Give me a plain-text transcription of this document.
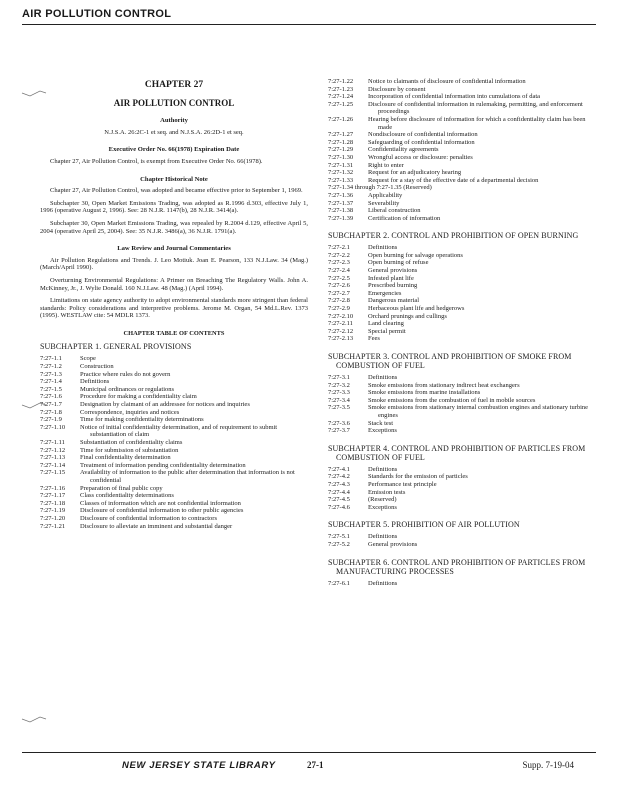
AIR POLLUTION CONTROL
CHAPTER 27
AIR POLLUTION CONTROL
Authority
N.J.S.A. 26:2C-1 et seq. and N.J.S.A. 26:2D-1 et seq.
Executive Order No. 66(1978) Expiration Date

Chapter 27, Air Pollution Control, is exempt from Executive Order No. 66(1978).

Chapter Historical Note

Chapter 27, Air Pollution Control, was adopted and became effective prior to September 1, 1969.

Subchapter 30, Open Market Emissions Trading, was adopted as R.1996 d.303, effective July 1, 1996 (operative August 2, 1996). See: 28 N.J.R. 1147(b), 28 N.J.R. 3414(a).

Subchapter 30, Open Market Emissions Trading, was repealed by R.2004 d.129, effective April 5, 2004 (operative April 25, 2004). See: 35 N.J.R. 3486(a), 36 N.J.R. 1791(a).

Law Review and Journal Commentaries

Air Pollution Regulations and Trends. J. Leo Motiuk. Joan E. Pearson, 133 N.J.Law. 34 (Mag.) (March/April 1990).

Overturning Environmental Regulations: A Primer on Breaching The Regulatory Walls. John A. McKinney, Jr., J. Wylie Donald. 160 N.J.Law. 48 (Mag.) (April 1994).

Limitations on state agency authority to adopt environmental standards more stringent than federal standards: Policy considerations and interpretive problems. Jerome M. Organ, 54 Md.L.Rev. 1373 (1995). WESTLAW cite: 54 MDLR 1373.

CHAPTER TABLE OF CONTENTS
SUBCHAPTER 1. GENERAL PROVISIONS
7:27-1.1	Scope
7:27-1.2	Construction
7:27-1.3	Practice where rules do not govern
7:27-1.4	Definitions
7:27-1.5	Municipal ordinances or regulations
7:27-1.6	Procedure for making a confidentiality claim
7:27-1.7	Designation by claimant of an addressee for notices and inquiries
7:27-1.8	Correspondence, inquiries and notices
7:27-1.9	Time for making confidentiality determinations
7:27-1.10	Notice of initial confidentiality determination, and of requirement to submit substantiation of claim
7:27-1.11	Substantiation of confidentiality claims
7:27-1.12	Time for submission of substantiation
7:27-1.13	Final confidentiality determination
7:27-1.14	Treatment of information pending confidentiality determination
7:27-1.15	Availability of information to the public after determination that information is not confidential
7:27-1.16	Preparation of final public copy
7:27-1.17	Class confidentiality determinations
7:27-1.18	Classes of information which are not confidential information
7:27-1.19	Disclosure of confidential information to other public agencies
7:27-1.20	Disclosure of confidential information to contractors
7:27-1.21	Disclosure to alleviate an imminent and substantial danger
7:27-1.22	Notice to claimants of disclosure of confidential information
7:27-1.23	Disclosure by consent
7:27-1.24	Incorporation of confidential information into cumulations of data
7:27-1.25	Disclosure of confidential information in rulemaking, permitting, and enforcement proceedings
7:27-1.26	Hearing before disclosure of information for which a confidentiality claim has been made
7:27-1.27	Nondisclosure of confidential information
7:27-1.28	Safeguarding of confidential information
7:27-1.29	Confidentiality agreements
7:27-1.30	Wrongful access or disclosure: penalties
7:27-1.31	Right to enter
7:27-1.32	Request for an adjudicatory hearing
7:27-1.33	Request for a stay of the effective date of a departmental decision
7:27-1.34 through 7:27-1.35 (Reserved)
7:27-1.36	Applicability
7:27-1.37	Severability
7:27-1.38	Liberal construction
7:27-1.39	Certification of information
SUBCHAPTER 2. CONTROL AND PROHIBITION OF OPEN BURNING
7:27-2.1	Definitions
7:27-2.2	Open burning for salvage operations
7:27-2.3	Open burning of refuse
7:27-2.4	General provisions
7:27-2.5	Infested plant life
7:27-2.6	Prescribed burning
7:27-2.7	Emergencies
7:27-2.8	Dangerous material
7:27-2.9	Herbaceous plant life and hedgerows
7:27-2.10	Orchard prunings and cullings
7:27-2.11	Land clearing
7:27-2.12	Special permit
7:27-2.13	Fees
SUBCHAPTER 3. CONTROL AND PROHIBITION OF SMOKE FROM COMBUSTION OF FUEL
7:27-3.1	Definitions
7:27-3.2	Smoke emissions from stationary indirect heat exchangers
7:27-3.3	Smoke emissions from marine installations
7:27-3.4	Smoke emissions from the combustion of fuel in mobile sources
7:27-3.5	Smoke emissions from stationary internal combustion engines and stationary turbine engines
7:27-3.6	Stack test
7:27-3.7	Exceptions
SUBCHAPTER 4. CONTROL AND PROHIBITION OF PARTICLES FROM COMBUSTION OF FUEL
7:27-4.1	Definitions
7:27-4.2	Standards for the emission of particles
7:27-4.3	Performance test principle
7:27-4.4	Emission tests
7:27-4.5	(Reserved)
7:27-4.6	Exceptions
SUBCHAPTER 5. PROHIBITION OF AIR POLLUTION
7:27-5.1	Definitions
7:27-5.2	General provisions
SUBCHAPTER 6. CONTROL AND PROHIBITION OF PARTICLES FROM MANUFACTURING PROCESSES
7:27-6.1	Definitions
NEW JERSEY STATE LIBRARY	27-1	Supp. 7-19-04
